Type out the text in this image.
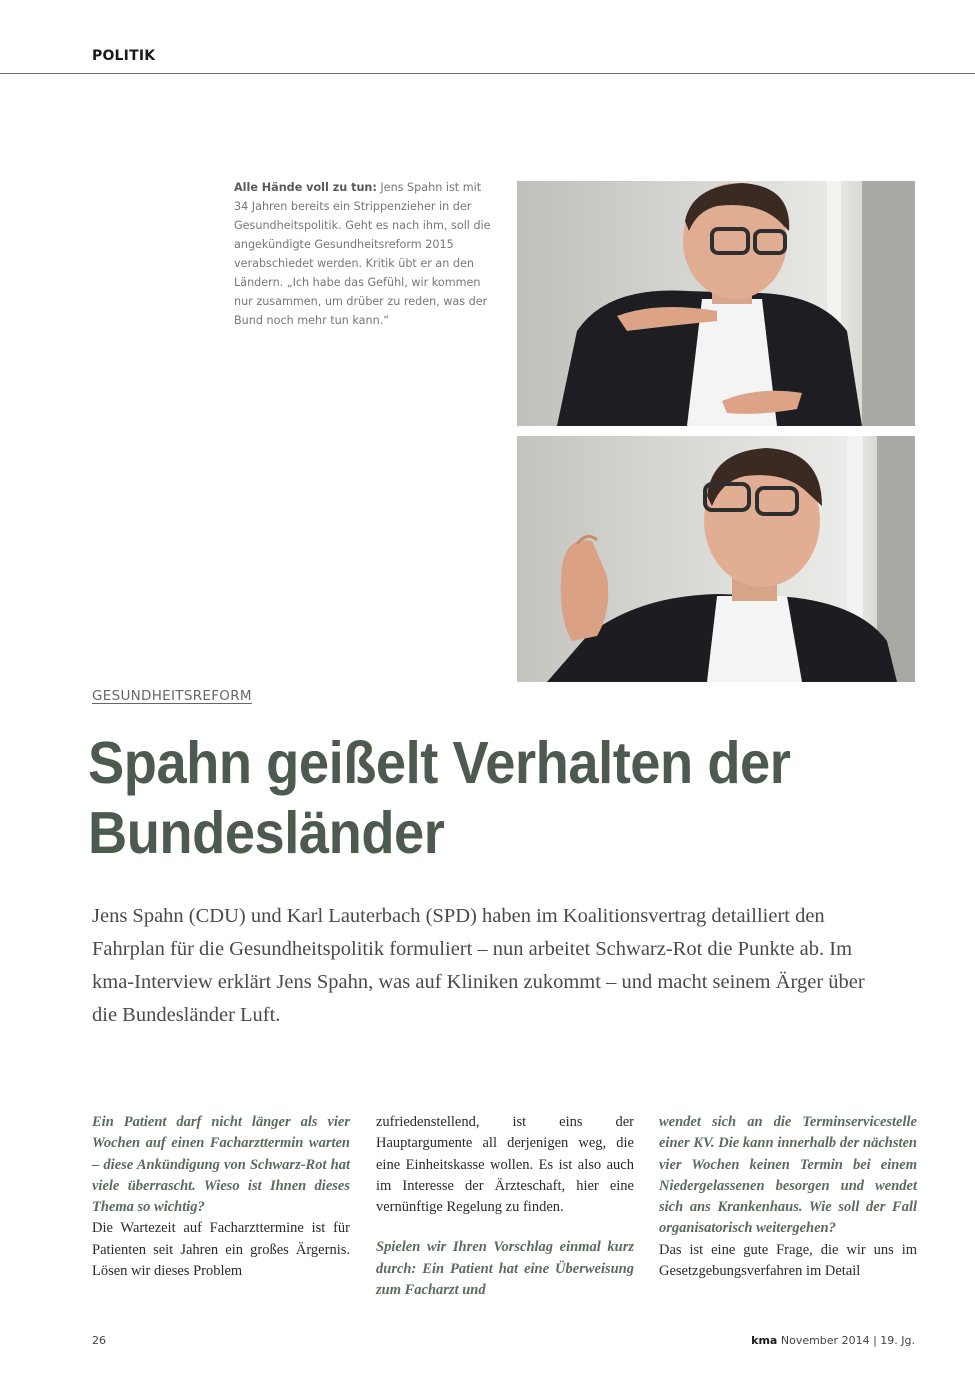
POLITIK
Alle Hände voll zu tun: Jens Spahn ist mit 34 Jahren bereits ein Strippenzieher in der Gesundheitspolitik. Geht es nach ihm, soll die angekündigte Gesundheitsreform 2015 verabschiedet werden. Kritik übt er an den Ländern. „Ich habe das Gefühl, wir kommen nur zusammen, um drüber zu reden, was der Bund noch mehr tun kann.“
GESUNDHEITSREFORM
Spahn geißelt Verhalten der
Bundesländer
Jens Spahn (CDU) und Karl Lauterbach (SPD) haben im Koalitionsvertrag detailliert den Fahrplan für die Gesundheitspolitik formuliert – nun arbeitet Schwarz-Rot die Punkte ab. Im kma-Interview erklärt Jens Spahn, was auf Kliniken zukommt – und macht seinem Ärger über die Bundesländer Luft.

Ein Patient darf nicht länger als vier Wochen auf einen Facharzttermin warten – diese Ankündigung von Schwarz-Rot hat viele überrascht. Wieso ist Ihnen dieses Thema so wichtig?

Die Wartezeit auf Facharzttermine ist für Patienten seit Jahren ein großes Ärgernis. Lösen wir dieses Problem

zufriedenstellend, ist eins der Hauptargumente all derjenigen weg, die eine Einheitskasse wollen. Es ist also auch im Interesse der Ärzteschaft, hier eine vernünftige Regelung zu finden.

Spielen wir Ihren Vorschlag einmal kurz durch: Ein Patient hat eine Überweisung zum Facharzt und

wendet sich an die Terminservicestelle einer KV. Die kann innerhalb der nächsten vier Wochen keinen Termin bei einem Niedergelassenen besorgen und wendet sich ans Krankenhaus. Wie soll der Fall organisatorisch weitergehen?

Das ist eine gute Frage, die wir uns im Gesetzgebungsverfahren im Detail

26	kma November 2014 | 19. Jg.
